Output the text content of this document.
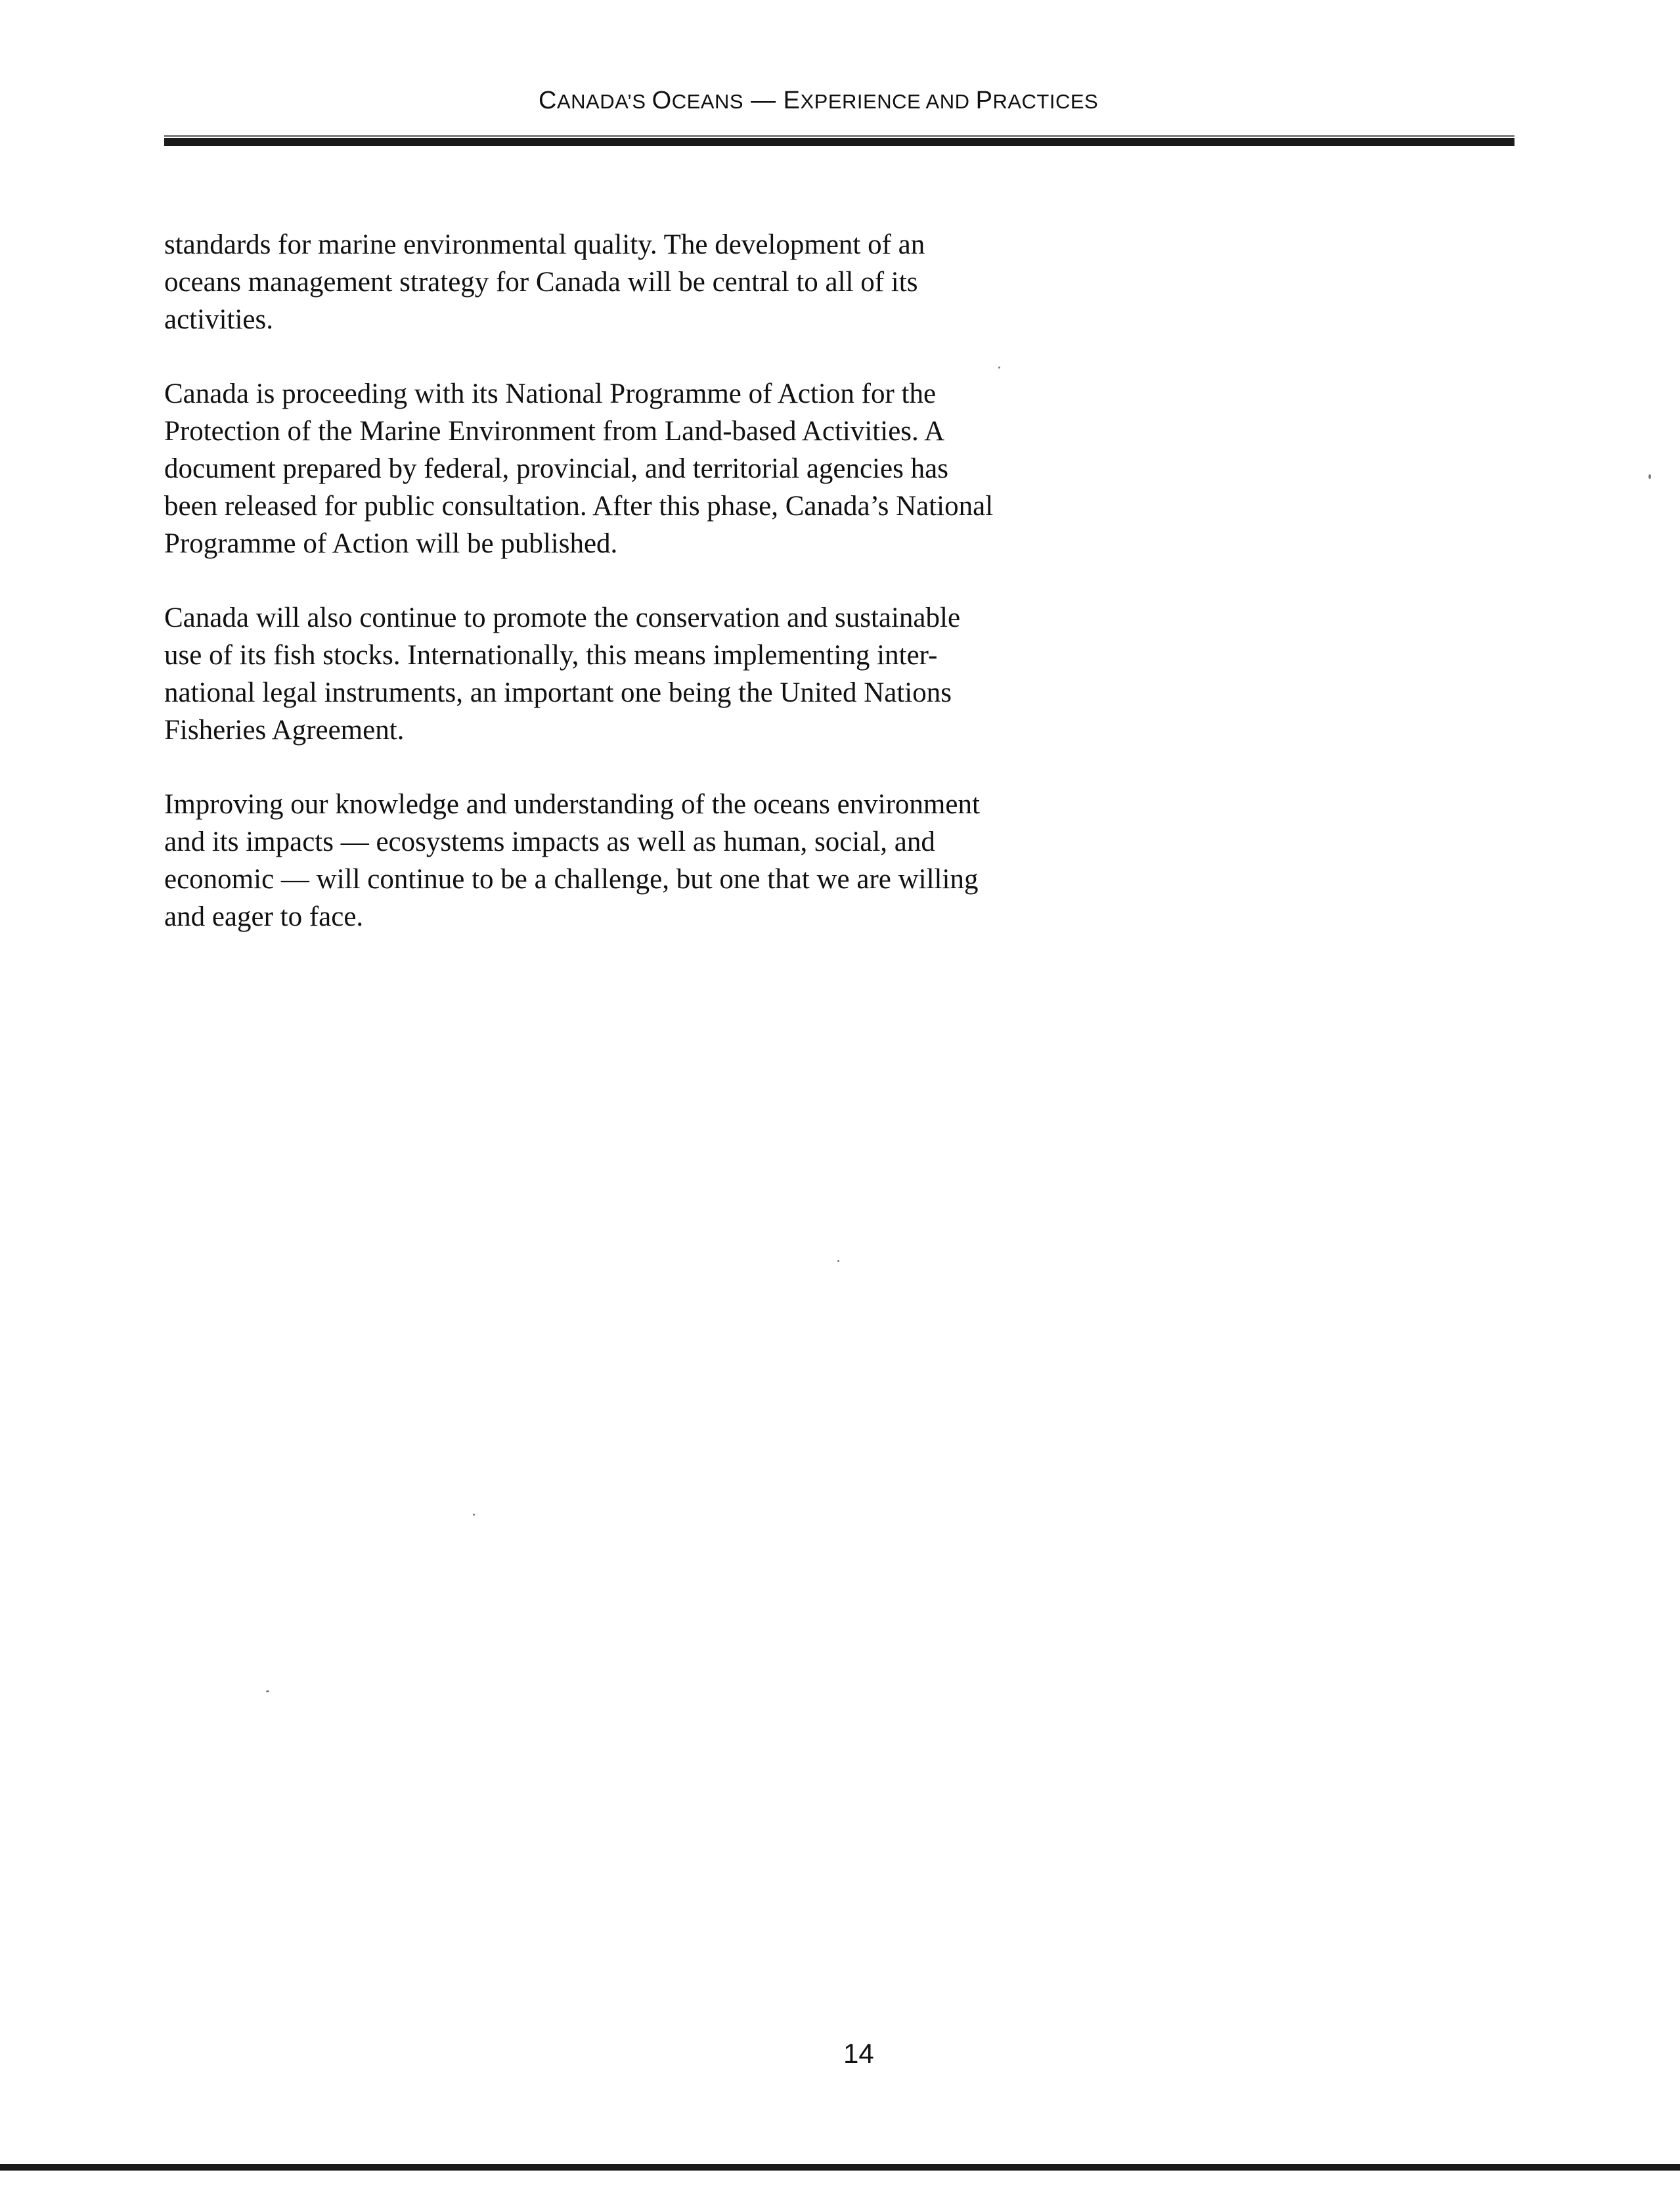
CANADA’S OCEANS — EXPERIENCE AND PRACTICES

standards for marine environmental quality. The development of an
oceans management strategy for Canada will be central to all of its
activities.

Canada is proceeding with its National Programme of Action for the
Protection of the Marine Environment from Land-based Activities. A
document prepared by federal, provincial, and territorial agencies has
been released for public consultation. After this phase, Canada’s National
Programme of Action will be published.

Canada will also continue to promote the conservation and sustainable
use of its fish stocks. Internationally, this means implementing inter-
national legal instruments, an important one being the United Nations
Fisheries Agreement.

Improving our knowledge and understanding of the oceans environment
and its impacts — ecosystems impacts as well as human, social, and
economic — will continue to be a challenge, but one that we are willing
and eager to face.

14
